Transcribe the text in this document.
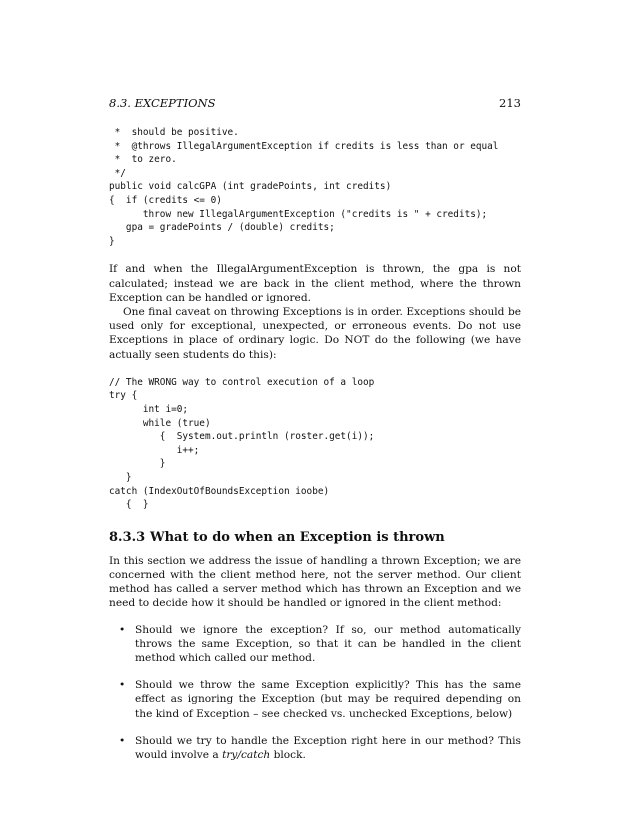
8.3. EXCEPTIONS	213
*  should be positive.
*  @throws IllegalArgumentException if credits is less than or equal
*  to zero.
*/
public void calcGPA (int gradePoints, int credits)
{  if (credits <= 0)
throw new IllegalArgumentException ("credits is " + credits);
gpa = gradePoints / (double) credits;
}

If and when the IllegalArgumentException is thrown, the gpa is not calculated; instead we are back in the client method, where the thrown Exception can be handled or ignored.

One final caveat on throwing Exceptions is in order. Exceptions should be used only for exceptional, unexpected, or erroneous events. Do not use Exceptions in place of ordinary logic. Do NOT do the following (we have actually seen students do this):

// The WRONG way to control execution of a loop
try {
int i=0;
while (true)
{  System.out.println (roster.get(i));
i++;
}
}
catch (IndexOutOfBoundsException ioobe)
{  }
8.3.3 What to do when an Exception is thrown

In this section we address the issue of handling a thrown Exception; we are concerned with the client method here, not the server method. Our client method has called a server method which has thrown an Exception and we need to decide how it should be handled or ignored in the client method:

• Should we ignore the exception? If so, our method automatically throws the same Exception, so that it can be handled in the client method which called our method.
• Should we throw the same Exception explicitly? This has the same effect as ignoring the Exception (but may be required depending on the kind of Exception – see checked vs. unchecked Exceptions, below)
• Should we try to handle the Exception right here in our method? This would involve a try/catch block.
